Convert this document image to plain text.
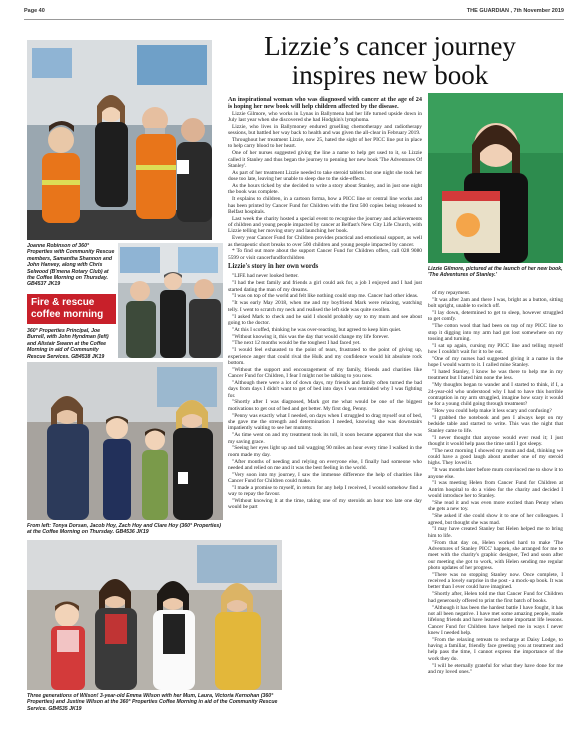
Page 40	THE GUARDIAN , 7th November 2019
Joanne Robinson of 360° Properties with Community Rescue members, Samantha Shannon and John Hanvey, along with Chris Selwood (B'mena Rotary Club) at the Coffee Morning on Thursday. GB4537 JK19
Fire & rescue coffee morning
360° Properties Principal, Joe Burrell, with John Hyndman (left) and Alistair Swann at the Coffee Morning in aid of Community Rescue Services. GB4538 JK19
From left: Tonya Dorsan, Jacob Hoy, Zach Hoy and Clare Hoy (360° Properties) at the Coffee Morning on Thursday. GB4536 JK19
Three generations of Wilson! 3-year-old Emma Wilson with her Mum, Laura, Victoria Kernohan (360° Properties) and Justine Wilson at the 360° Properties Coffee Morning in aid of the Community Rescue Service. GB4535 JK19
Lizzie Gilmore, pictured at the launch of her new book, 'The Adventures of Stanley.'
Lizzie’s cancer journey inspires new book

An inspirational woman who was diagnosed with cancer at the age of 24 is hoping her new book will help children affected by the disease.

Lizzie Gilmore, who works in Lynas in Ballymena had her life turned upside down in July last year when she discovered she had Hodgkin's lymphoma.

Lizzie, who lives in Ballymoney endured gruelling chemotherapy and radiotherapy sessions, but battled her way back to health and was given the all-clear in February 2019.

Throughout her treatment Lizzie, now 25, hated the sight of her PICC line put in place to help carry blood to her heart.

One of her nurses suggested giving the line a name to help get used to it, so Lizzie called it Stanley and thus began the journey to penning her new book 'The Adventures Of Stanley'.

As part of her treatment Lizzie needed to take steroid tablets but one night she took her dose too late, leaving her unable to sleep due to the side-effects.

As the hours ticked by she decided to write a story about Stanley, and in just one night the book was complete.

It explains to children, in a cartoon forma, how a PICC line or central line works and has been printed by Cancer Fund for Children with the first 500 copies being released to Belfast hospitals.

Last week the charity hosted a special event to recognise the journey and achievements of children and young people impacted by cancer at Belfast's New City Life Church, with Lizzie telling her moving story and launching her book.

Every year Cancer Fund for Children provides practical and emotional support, as well as therapeutic short breaks to over 500 children and young people impacted by cancer.

* To find out more about the support Cancer Fund for Children offers, call 028 9080 5599 or visit cancerfundforchildren

Lizzie's story in her own words

"LIFE had never looked better.

"I had the best family and friends a girl could ask for, a job I enjoyed and I had just started dating the man of my dreams.

"I was on top of the world and felt like nothing could stop me. Cancer had other ideas.

"It was early May 2018, when me and my boyfriend Mark were relaxing, watching telly. I went to scratch my neck and realised the left side was quite swollen.

"I asked Mark to check and he said I should probably say to my mum and see about going to the doctor.

"At this I scoffed, thinking he was over-reacting, but agreed to keep him quiet.

"Without knowing it, this was the day that would change my life forever.

"The next 12 months would be the toughest I had faced yet.

"I would feel exhausted to the point of tears, frustrated to the point of giving up, experience anger that could rival the Hulk and my confidence would hit absolute rock bottom.

"Without the support and encouragement of my family, friends and charities like Cancer Fund for Children, I fear I might not be talking to you now.

"Although there were a lot of down days, my friends and family often turned the bad days from days I didn't want to get of bed into days I was reminded why I was fighting for.

"Shortly after I was diagnosed, Mark got me what would be one of the biggest motivations to get out of bed and get better. My first dog, Penny.

"Penny was exactly what I needed, on days when I struggled to drag myself out of bed, she gave me the strength and determination I needed, knowing she was downstairs impatiently waiting to see her mummy.

"As time went on and my treatment took its toll, it soon became apparent that she was my saving grace.

"Seeing her eyes light up and tail wagging 90 miles an hour every time I walked in the room made my day.

"After months of needing and relying on everyone else, I finally had someone who needed and relied on me and it was the best feeling in the world.

"Very soon into my journey, I saw the immense difference the help of charities like Cancer Fund for Children could make.

"I made a promise to myself, in return for any help I received, I would somehow find a way to repay the favour.

"Without knowing it at the time, taking one of my steroids an hour too late one day would be part

of my repayment.

"It was after 2am and there I was, bright as a button, sitting bolt upright, unable to switch off.

"I lay down, determined to get to sleep, however struggled to get comfy.

"The cotton wool that had been on top of my PICC line to stop it digging into my arm had got lost somewhere on my tossing and turning.

"I sat up again, cursing my PICC line and telling myself how I couldn't wait for it to be out.

"One of my nurses had suggested giving it a name in the hope I would warm to it. I called mine Stanley.

"I hated Stanley, I know he was there to help me in my treatment but I hated him none the less.

"My thoughts began to wander and I started to think, if I, a 24-year-old who understood why I had to have this horrible contraption in my arm struggled, imagine how scary it would be for a young child going through treatment?

"How you could help make it less scary and confusing?

"I grabbed the notebook and pen I always kept on my bedside table and started to write. This was the night that Stanley came to life.

"I never thought that anyone would ever read it; I just thought it would help pass the time until I got sleepy.

"The next morning I showed my mum and dad, thinking we could have a good laugh about another one of my steroid highs. They loved it.

"It was months later before mum convinced me to show it to anyone else.

"I was meeting Helen from Cancer Fund for Children at Antrim hospital to do a video for the charity and decided I would introduce her to Stanley.

"She read it and was even more excited than Penny when she gets a new toy.

"She asked if she could show it to one of her colleagues. I agreed, but thought she was mad.

"I may have created Stanley but Helen helped me to bring him to life.

"From that day on, Helen worked hard to make 'The Adventures of Stanley PICC' happen, she arranged for me to meet with the charity's graphic designer, Ted and soon after our meeting she got to work, with Helen sending me regular photo updates of her progress.

"There was no stopping Stanley now. Once complete, I received a lovely surprise in the post - a mock-up book. It was better than I ever could have imagined.

"Shortly after, Helen told me that Cancer Fund for Children had generously offered to print the first batch of books.

"Although it has been the hardest battle I have fought, it has not all been negative. I have met some amazing people, made lifelong friends and have learned some important life lessons. Cancer Fund for Children have helped me in ways I never knew I needed help.

"From the relaxing retreats to recharge at Daisy Lodge, to having a familiar, friendly face greeting you at treatment and help pass the time, I cannot express the importance of the work they do.

"I will be eternally grateful for what they have done for me and my loved ones."
